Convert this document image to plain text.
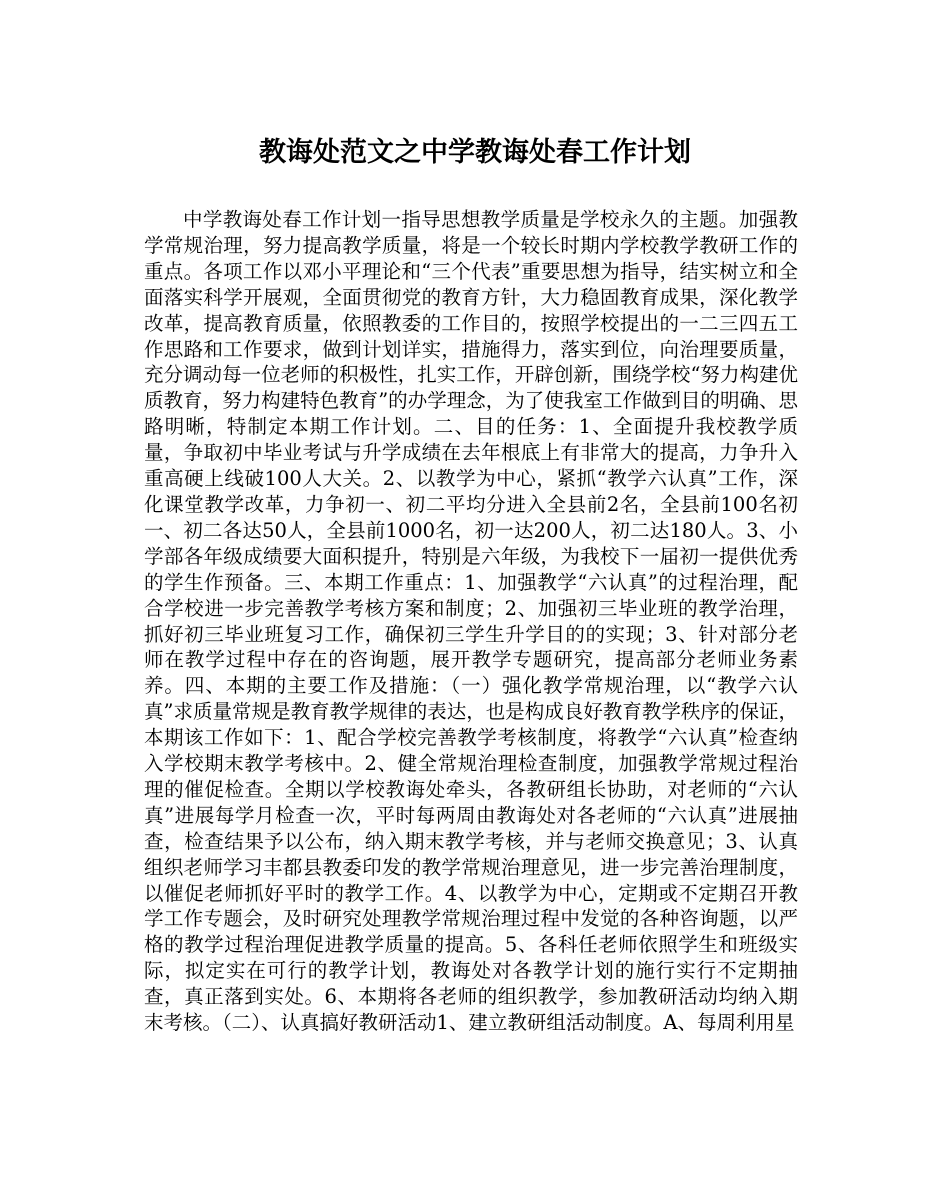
教诲处范文之中学教诲处春工作计划

中学教诲处春工作计划一指导思想教学质量是学校永久的主题。加强教学常规治理，努力提高教学质量，将是一个较长时期内学校教学教研工作的重点。各项工作以邓小平理论和“三个代表”重要思想为指导，结实树立和全面落实科学开展观，全面贯彻党的教育方针，大力稳固教育成果，深化教学改革，提高教育质量，依照教委的工作目的，按照学校提出的一二三四五工作思路和工作要求，做到计划详实，措施得力，落实到位，向治理要质量，充分调动每一位老师的积极性，扎实工作，开辟创新，围绕学校“努力构建优质教育，努力构建特色教育”的办学理念，为了使我室工作做到目的明确、思路明晰，特制定本期工作计划。二、目的任务：1、全面提升我校教学质量，争取初中毕业考试与升学成绩在去年根底上有非常大的提高，力争升入重高硬上线破100人大关。2、以教学为中心，紧抓“教学六认真”工作，深化课堂教学改革，力争初一、初二平均分进入全县前2名，全县前100名初一、初二各达50人，全县前1000名，初一达200人，初二达180人。3、小学部各年级成绩要大面积提升，特别是六年级，为我校下一届初一提供优秀的学生作预备。三、本期工作重点：1、加强教学“六认真”的过程治理，配合学校进一步完善教学考核方案和制度；2、加强初三毕业班的教学治理，抓好初三毕业班复习工作，确保初三学生升学目的的实现；3、针对部分老师在教学过程中存在的咨询题，展开教学专题研究，提高部分老师业务素养。四、本期的主要工作及措施：（一）强化教学常规治理，以“教学六认真”求质量常规是教育教学规律的表达，也是构成良好教育教学秩序的保证，本期该工作如下：1、配合学校完善教学考核制度，将教学“六认真”检查纳入学校期末教学考核中。2、健全常规治理检查制度，加强教学常规过程治理的催促检查。全期以学校教诲处牵头，各教研组长协助，对老师的“六认真”进展每学月检查一次，平时每两周由教诲处对各老师的“六认真”进展抽查，检查结果予以公布，纳入期末教学考核，并与老师交换意见；3、认真组织老师学习丰都县教委印发的教学常规治理意见，进一步完善治理制度，以催促老师抓好平时的教学工作。4、以教学为中心，定期或不定期召开教学工作专题会，及时研究处理教学常规治理过程中发觉的各种咨询题，以严格的教学过程治理促进教学质量的提高。5、各科任老师依照学生和班级实际，拟定实在可行的教学计划，教诲处对各教学计划的施行实行不定期抽查，真正落到实处。6、本期将各老师的组织教学，参加教研活动均纳入期末考核。（二）、认真搞好教研活动1、建立教研组活动制度。A、每周利用星
